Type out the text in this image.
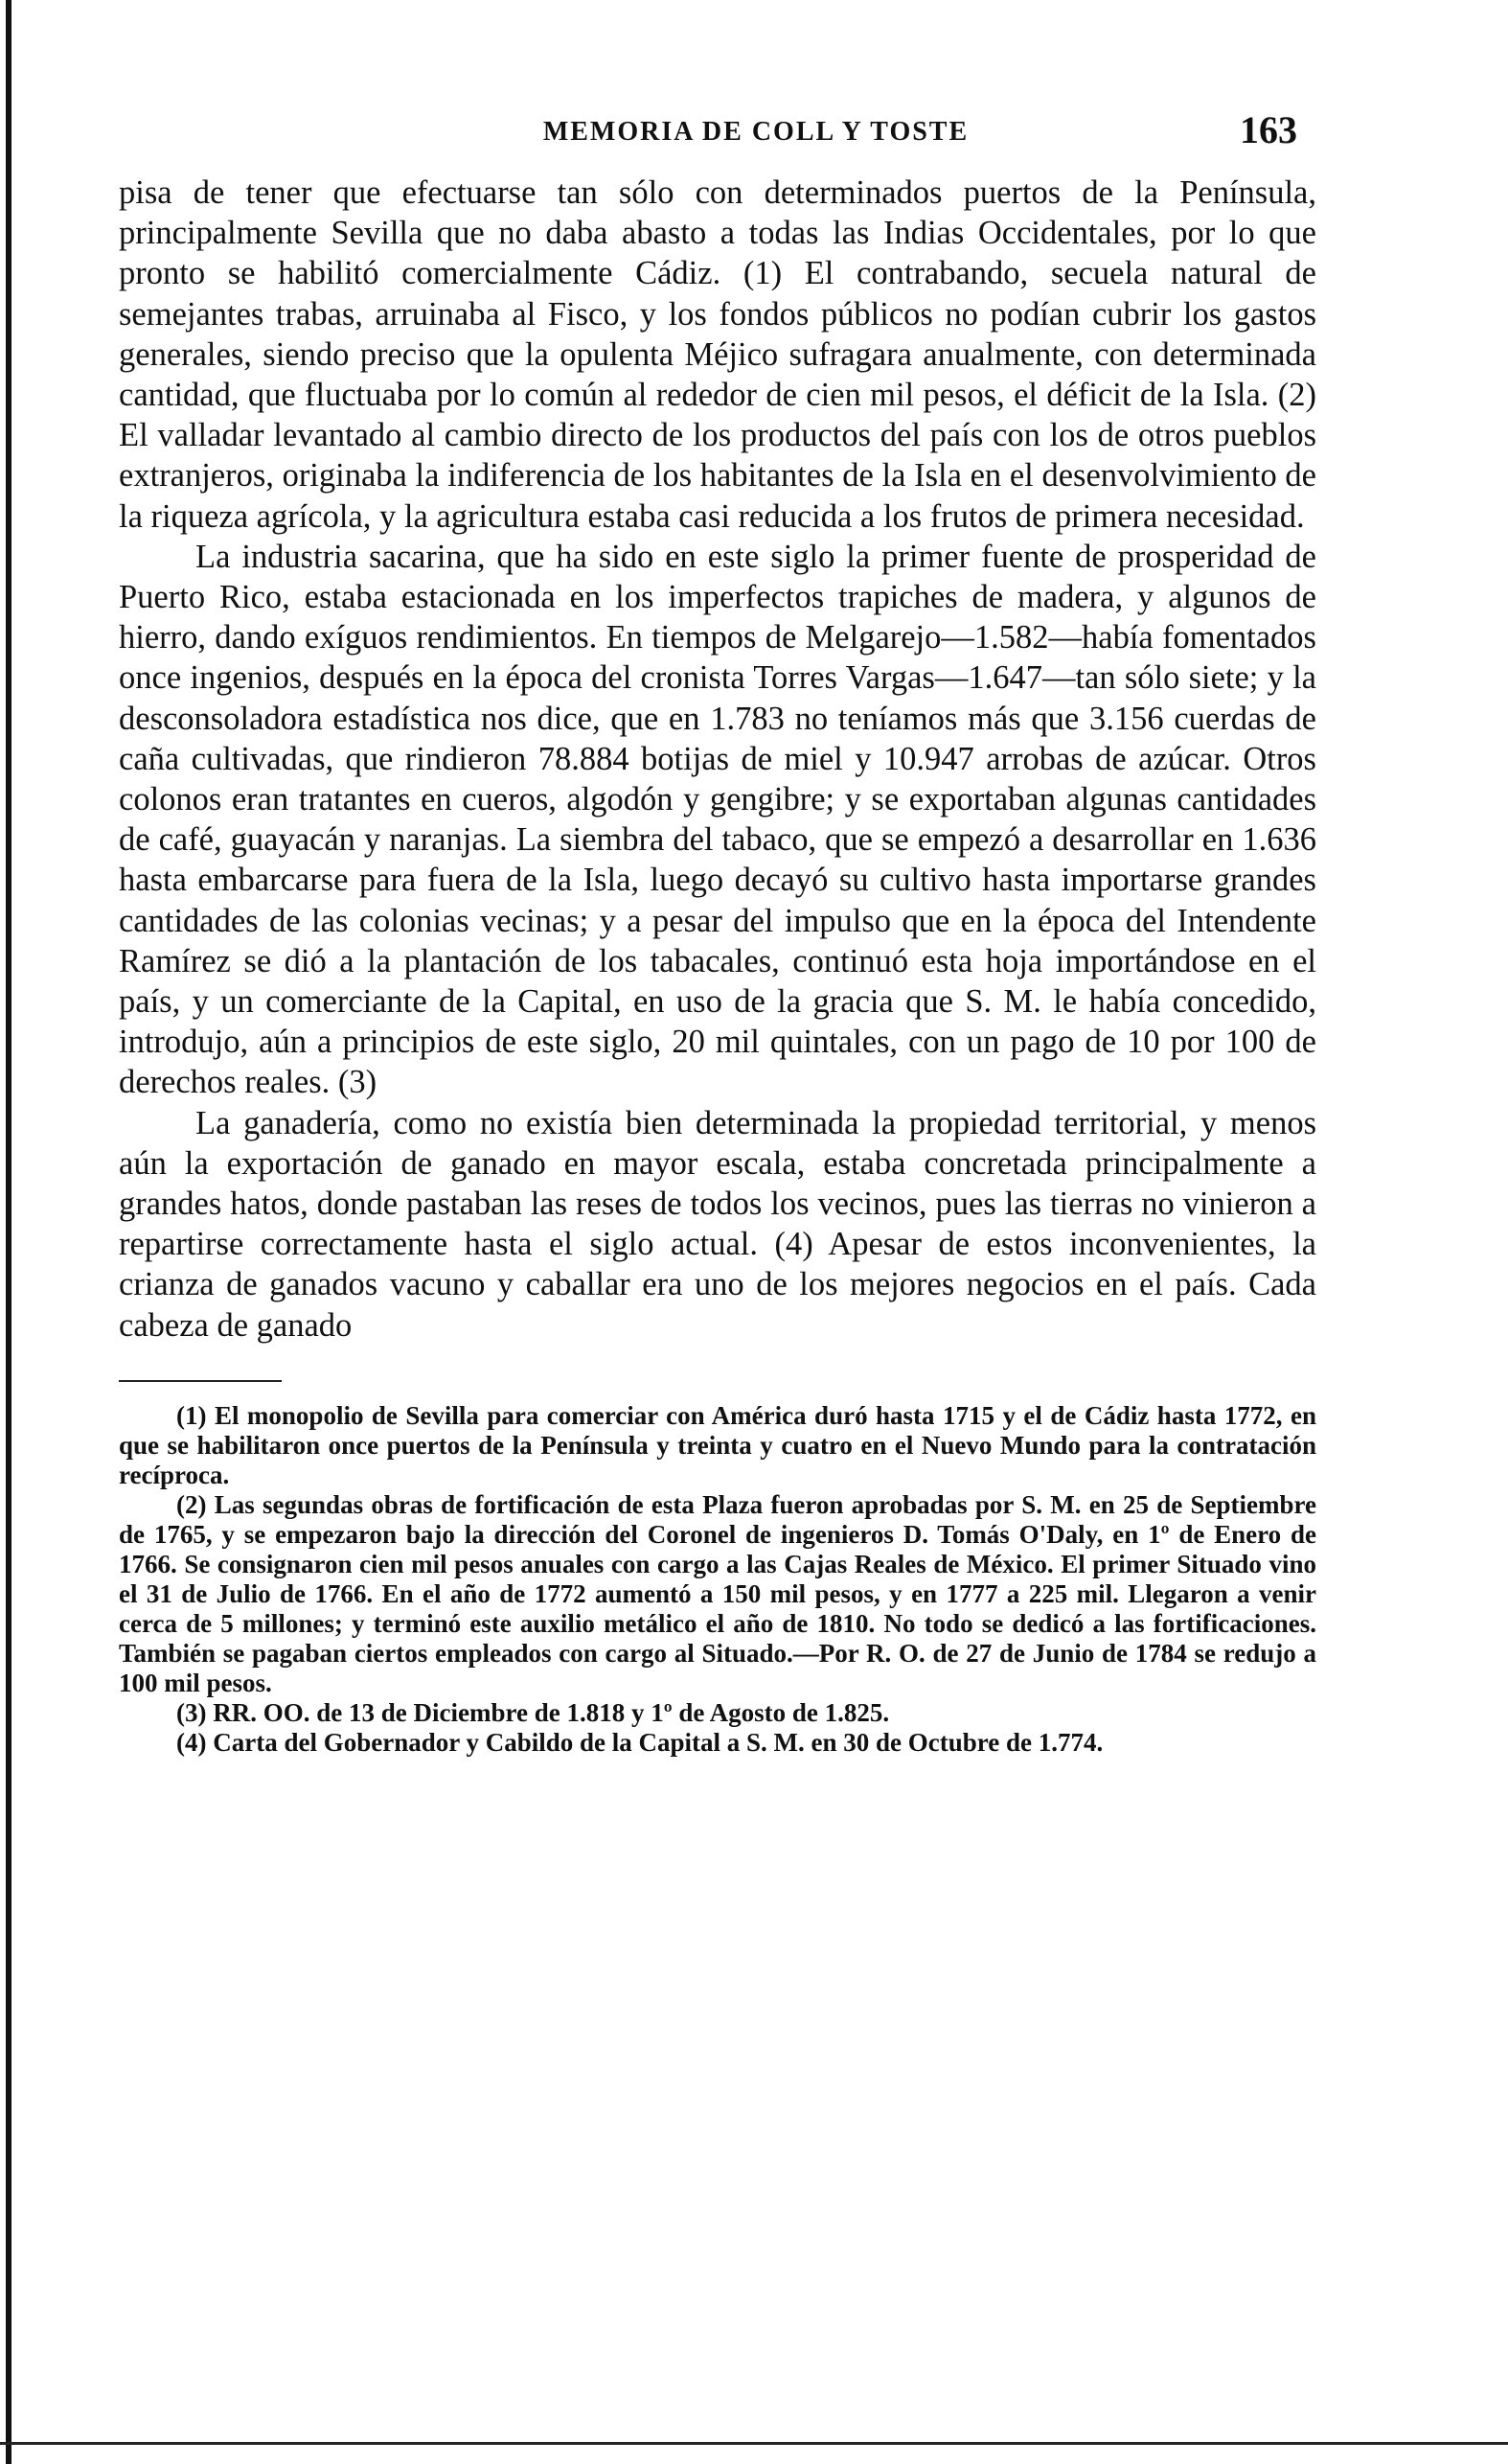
MEMORIA DE COLL Y TOSTE	163

pisa de tener que efectuarse tan sólo con determinados puertos de la Península, principalmente Sevilla que no daba abasto a todas las Indias Occidentales, por lo que pronto se habilitó comercialmente Cádiz. (1) El contrabando, secuela natural de semejantes trabas, arruinaba al Fisco, y los fondos públicos no podían cubrir los gastos generales, siendo preciso que la opulenta Méjico sufragara anualmente, con determinada cantidad, que fluctuaba por lo común al rededor de cien mil pesos, el déficit de la Isla. (2) El valladar levantado al cambio directo de los productos del país con los de otros pueblos extranjeros, originaba la indiferencia de los habitantes de la Isla en el desenvolvimiento de la riqueza agrícola, y la agricultura estaba casi reducida a los frutos de primera necesidad.

La industria sacarina, que ha sido en este siglo la primer fuente de prosperidad de Puerto Rico, estaba estacionada en los imperfectos trapiches de madera, y algunos de hierro, dando exíguos rendimientos. En tiempos de Melgarejo—1.582—había fomentados once ingenios, después en la época del cronista Torres Vargas—1.647—tan sólo siete; y la desconsoladora estadística nos dice, que en 1.783 no teníamos más que 3.156 cuerdas de caña cultivadas, que rindieron 78.884 botijas de miel y 10.947 arrobas de azúcar. Otros colonos eran tratantes en cueros, algodón y gengibre; y se exportaban algunas cantidades de café, guayacán y naranjas. La siembra del tabaco, que se empezó a desarrollar en 1.636 hasta embarcarse para fuera de la Isla, luego decayó su cultivo hasta importarse grandes cantidades de las colonias vecinas; y a pesar del impulso que en la época del Intendente Ramírez se dió a la plantación de los tabacales, continuó esta hoja importándose en el país, y un comerciante de la Capital, en uso de la gracia que S. M. le había concedido, introdujo, aún a principios de este siglo, 20 mil quintales, con un pago de 10 por 100 de derechos reales. (3)

La ganadería, como no existía bien determinada la propiedad territorial, y menos aún la exportación de ganado en mayor escala, estaba concretada principalmente a grandes hatos, donde pastaban las reses de todos los vecinos, pues las tierras no vinieron a repartirse correctamente hasta el siglo actual. (4) Apesar de estos inconvenientes, la crianza de ganados vacuno y caballar era uno de los mejores negocios en el país. Cada cabeza de ganado

(1) El monopolio de Sevilla para comerciar con América duró hasta 1715 y el de Cádiz hasta 1772, en que se habilitaron once puertos de la Península y treinta y cuatro en el Nuevo Mundo para la contratación recíproca.

(2) Las segundas obras de fortificación de esta Plaza fueron aprobadas por S. M. en 25 de Septiembre de 1765, y se empezaron bajo la dirección del Coronel de ingenieros D. Tomás O'Daly, en 1º de Enero de 1766. Se consignaron cien mil pesos anuales con cargo a las Cajas Reales de México. El primer Situado vino el 31 de Julio de 1766. En el año de 1772 aumentó a 150 mil pesos, y en 1777 a 225 mil. Llegaron a venir cerca de 5 millones; y terminó este auxilio metálico el año de 1810. No todo se dedicó a las fortificaciones. También se pagaban ciertos empleados con cargo al Situado.—Por R. O. de 27 de Junio de 1784 se redujo a 100 mil pesos.

(3) RR. OO. de 13 de Diciembre de 1.818 y 1º de Agosto de 1.825.

(4) Carta del Gobernador y Cabildo de la Capital a S. M. en 30 de Octubre de 1.774.
